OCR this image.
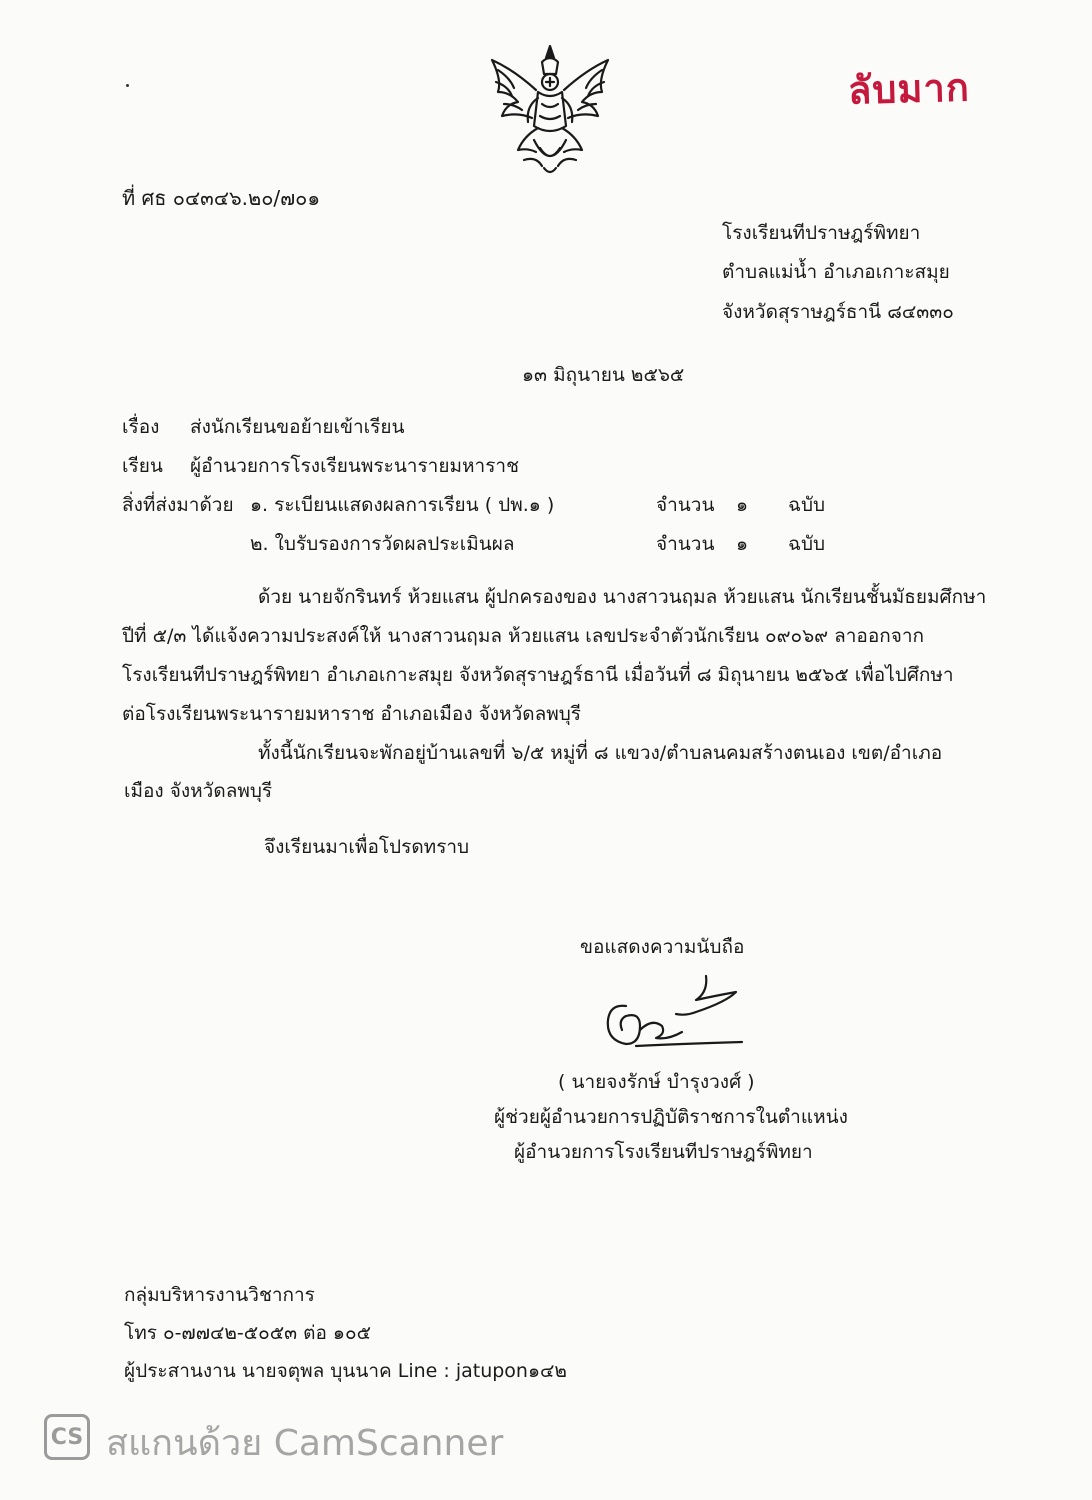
ลับมาก
ที่ ศธ ๐๔๓๔๖.๒๐/๗๐๑
โรงเรียนทีปราษฎร์พิทยา
ตำบลแม่น้ำ อำเภอเกาะสมุย
จังหวัดสุราษฎร์ธานี ๘๔๓๓๐
๑๓ มิถุนายน ๒๕๖๕
เรื่อง ส่งนักเรียนขอย้ายเข้าเรียน
เรียน ผู้อำนวยการโรงเรียนพระนารายมหาราช
สิ่งที่ส่งมาด้วย ๑. ระเบียนแสดงผลการเรียน ( ปพ.๑ )	จำนวน ๑ ฉบับ
๒. ใบรับรองการวัดผลประเมินผล	จำนวน ๑ ฉบับ
ด้วย นายจักรินทร์ ห้วยแสน ผู้ปกครองของ นางสาวนฤมล ห้วยแสน นักเรียนชั้นมัธยมศึกษา
ปีที่ ๕/๓ ได้แจ้งความประสงค์ให้ นางสาวนฤมล ห้วยแสน เลขประจำตัวนักเรียน ๐๙๐๖๙ ลาออกจาก
โรงเรียนทีปราษฎร์พิทยา อำเภอเกาะสมุย จังหวัดสุราษฎร์ธานี เมื่อวันที่ ๘ มิถุนายน ๒๕๖๕ เพื่อไปศึกษา
ต่อโรงเรียนพระนารายมหาราช อำเภอเมือง จังหวัดลพบุรี
ทั้งนี้นักเรียนจะพักอยู่บ้านเลขที่ ๖/๕ หมู่ที่ ๘ แขวง/ตำบลนคมสร้างตนเอง เขต/อำเภอ
เมือง จังหวัดลพบุรี
จึงเรียนมาเพื่อโปรดทราบ
ขอแสดงความนับถือ
( นายจงรักษ์ บำรุงวงศ์ )
ผู้ช่วยผู้อำนวยการปฏิบัติราชการในตำแหน่ง
ผู้อำนวยการโรงเรียนทีปราษฎร์พิทยา
กลุ่มบริหารงานวิชาการ
โทร ๐-๗๗๔๒-๕๐๕๓ ต่อ ๑๐๕
ผู้ประสานงาน นายจตุพล บุนนาค Line : jatupon๑๔๒
CS สแกนด้วย CamScanner
